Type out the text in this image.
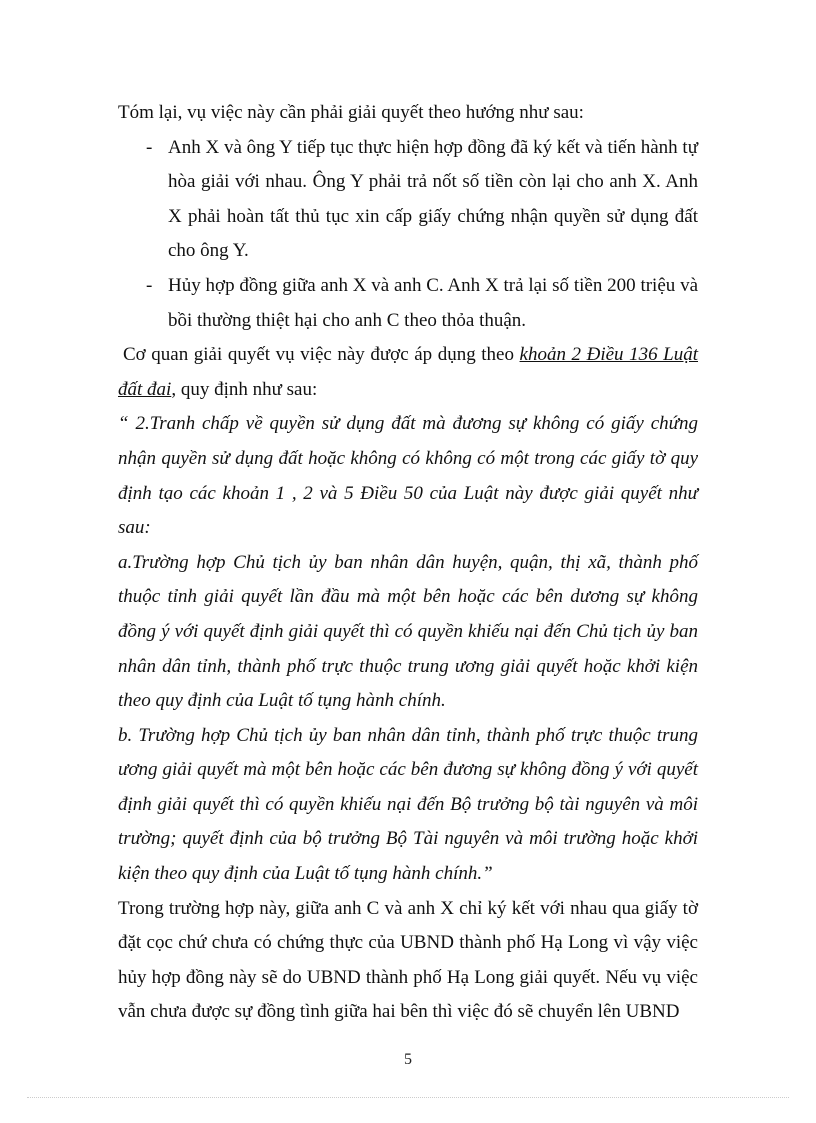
Tóm lại, vụ việc này cần phải giải quyết theo hướng như sau:

- Anh X và ông Y tiếp tục thực hiện hợp đồng đã ký kết và tiến hành tự hòa giải với nhau. Ông Y phải trả nốt số tiền còn lại cho anh X. Anh X phải hoàn tất thủ tục xin cấp giấy chứng nhận quyền sử dụng đất cho ông Y.
- Hủy hợp đồng giữa anh X và anh C. Anh X trả lại số tiền 200 triệu và bồi thường thiệt hại cho anh C theo thỏa thuận.

Cơ quan giải quyết vụ việc này được áp dụng theo khoản 2 Điều 136 Luật đất đai, quy định như sau:

“ 2.Tranh chấp về quyền sử dụng đất mà đương sự không có giấy chứng nhận quyền sử dụng đất hoặc không có không có một trong các giấy tờ quy định tạo các khoản 1 , 2 và 5 Điều 50 của Luật này được giải quyết như sau:

a.Trường hợp Chủ tịch ủy ban nhân dân huyện, quận, thị xã, thành phố thuộc tỉnh giải quyết lần đầu mà một bên hoặc các bên dương sự không đồng ý với quyết định giải quyết thì có quyền khiếu nại đến Chủ tịch ủy ban nhân dân tỉnh, thành phố trực thuộc trung ương giải quyết hoặc khởi kiện theo quy định của Luật tố tụng hành chính.

b. Trường hợp Chủ tịch ủy ban nhân dân tỉnh, thành phố trực thuộc trung ương giải quyết mà một bên hoặc các bên đương sự không đồng ý với quyết định giải quyết thì có quyền khiếu nại đến Bộ trưởng bộ tài nguyên và môi trường; quyết định của bộ trưởng Bộ Tài nguyên và môi trường hoặc khởi kiện theo quy định của Luật tố tụng hành chính.”

Trong trường hợp này, giữa anh C và anh X chỉ ký kết với nhau qua giấy tờ đặt cọc chứ chưa có chứng thực của UBND thành phố Hạ Long vì vậy việc hủy hợp đồng này sẽ do UBND thành phố Hạ Long giải quyết. Nếu vụ việc vẫn chưa được sự đồng tình giữa hai bên thì việc đó sẽ chuyển lên UBND

5
